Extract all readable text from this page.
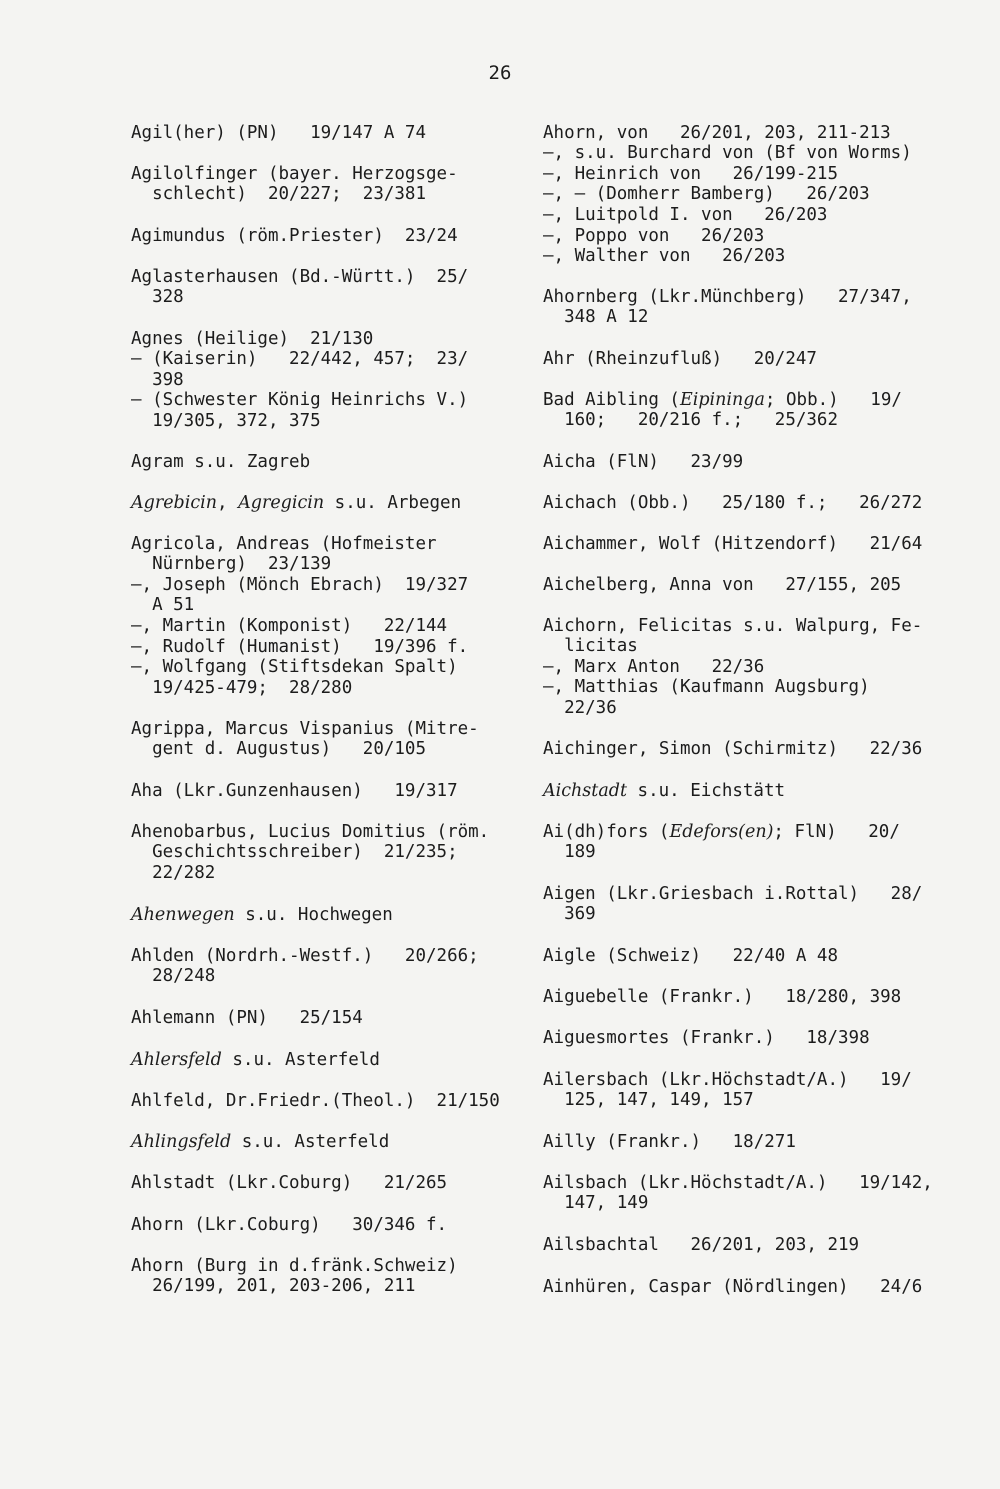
26
Agil(her) (PN)   19/147 A 74
Agilolfinger (bayer. Herzogsge-
schlecht)  20/227;  23/381
Agimundus (röm.Priester)  23/24
Aglasterhausen (Bd.-Württ.)  25/
328
Agnes (Heilige)  21/130
— (Kaiserin)   22/442, 457;  23/
398
— (Schwester König Heinrichs V.)
19/305, 372, 375
Agram s.u. Zagreb
Agrebicin, Agregicin s.u. Arbegen
Agricola, Andreas (Hofmeister
Nürnberg)  23/139
—, Joseph (Mönch Ebrach)  19/327
A 51
—, Martin (Komponist)   22/144
—, Rudolf (Humanist)   19/396 f.
—, Wolfgang (Stiftsdekan Spalt)
19/425-479;  28/280
Agrippa, Marcus Vispanius (Mitre-
gent d. Augustus)   20/105
Aha (Lkr.Gunzenhausen)   19/317
Ahenobarbus, Lucius Domitius (röm.
Geschichtsschreiber)  21/235;
22/282
Ahenwegen s.u. Hochwegen
Ahlden (Nordrh.-Westf.)   20/266;
28/248
Ahlemann (PN)   25/154
Ahlersfeld s.u. Asterfeld
Ahlfeld, Dr.Friedr.(Theol.)  21/150
Ahlingsfeld s.u. Asterfeld
Ahlstadt (Lkr.Coburg)   21/265
Ahorn (Lkr.Coburg)   30/346 f.
Ahorn (Burg in d.fränk.Schweiz)
26/199, 201, 203-206, 211
Ahorn, von   26/201, 203, 211-213
—, s.u. Burchard von (Bf von Worms)
—, Heinrich von   26/199-215
—, — (Domherr Bamberg)   26/203
—, Luitpold I. von   26/203
—, Poppo von   26/203
—, Walther von   26/203
Ahornberg (Lkr.Münchberg)   27/347,
348 A 12
Ahr (Rheinzufluß)   20/247
Bad Aibling (Eipininga; Obb.)   19/
160;   20/216 f.;   25/362
Aicha (FlN)   23/99
Aichach (Obb.)   25/180 f.;   26/272
Aichammer, Wolf (Hitzendorf)   21/64
Aichelberg, Anna von   27/155, 205
Aichorn, Felicitas s.u. Walpurg, Fe-
licitas
—, Marx Anton   22/36
—, Matthias (Kaufmann Augsburg)
22/36
Aichinger, Simon (Schirmitz)   22/36
Aichstadt s.u. Eichstätt
Ai(dh)fors (Edefors(en); FlN)   20/
189
Aigen (Lkr.Griesbach i.Rottal)   28/
369
Aigle (Schweiz)   22/40 A 48
Aiguebelle (Frankr.)   18/280, 398
Aiguesmortes (Frankr.)   18/398
Ailersbach (Lkr.Höchstadt/A.)   19/
125, 147, 149, 157
Ailly (Frankr.)   18/271
Ailsbach (Lkr.Höchstadt/A.)   19/142,
147, 149
Ailsbachtal   26/201, 203, 219
Ainhüren, Caspar (Nördlingen)   24/6
